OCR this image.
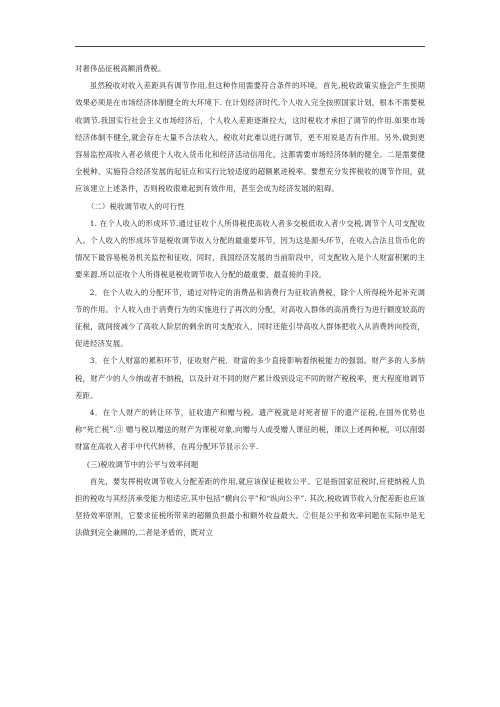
对奢侈品征税高额消费税。

虽然税收对收入差距具有调节作用,但这种作用需要符合条件的环境。首先,税收政策实施会产生预期效果必须是在市场经济体制健全的大环境下. 在计划经济时代,个人收入完全按照国家计划，根本不需要税收调节.我国实行社会主义市场经济后，个人收入差距逐渐拉大，这时税收才承担了调节的作用.如果市场经济体制不健全,就会存在大量不合法收入，税收对此难以进行调节，更不用说是否有作用。另外,做到更容易监控高收入者必须使个人收入货币化和经济活动信用化，这都需要市场经济体制的健全。二是需要健全税种、实施符合经济发展的起征点和实行比较适度的超额累进税率。要想充分发挥税收的调节作用，就应该建立上述条件，否则税收很难起到有效作用，甚至会成为经济发展的阻碍。

（二）税收调节收入的可行性

1. 在个人收入的形成环节.通过征收个人所得税使高收入者多交税低收入者少交税,调节个人可支配收入。个人收入的形成环节是税收调节收入分配的最重要环节，因为这是源头环节，在收入合法且货币化的情况下最容易税务机关监控和征收，同时，我国经济发展的当前阶段中，可支配收入是个人财富积累的主要来源.所以征收个人所得税是税收调节收入分配的最重要、最直接的手段。

2．在个人收入的分配环节，通过对特定的消费品和消费行为征收消费税，除个人所得税外起补充调节的作用。个人收入由于消费行为的实施进行了再次的分配，对高收入群体的高消费行为进行额度较高的征税，就间接减少了高收入阶层的剩余的可支配收入，同时还能引导高收入群体把收入从消费转向投资，促进经济发展。

3．在个人财富的累积环节，征收财产税．财富的多少直接影响着纳税能力的强弱。财产多的人多纳税，财产少的人少纳或者不纳税，以及针对不同的财产累计级别设定不同的财产税税率，更大程度地调节差距。

4．在个人财产的转让环节，征收遗产和赠与税。遗产税就是对死者留下的遗产征税,在国外优势也称“死亡税”.③ 赠与税以赠送的财产为课税对象,向赠与人或受赠人课征的税，课以上述两种税，可以削弱财富在高收入者手中代代转移，在再分配环节显示公平.

(三)税收调节中的公平与效率问题

首先，要发挥税收调节收入分配差距的作用,就应该保证税收公平。它是指国家征税时,应使纳税人负担的税收与其经济承受能力相适应,其中包括“横向公平”和“纵向公平”. 其次,税收调节收入分配差距也应该坚持效率原则，它要求征税所带来的超额负担最小和额外收益最大。②但是公平和效率问题在实际中是无法做到完全兼顾的,二者是矛盾的，既对立
